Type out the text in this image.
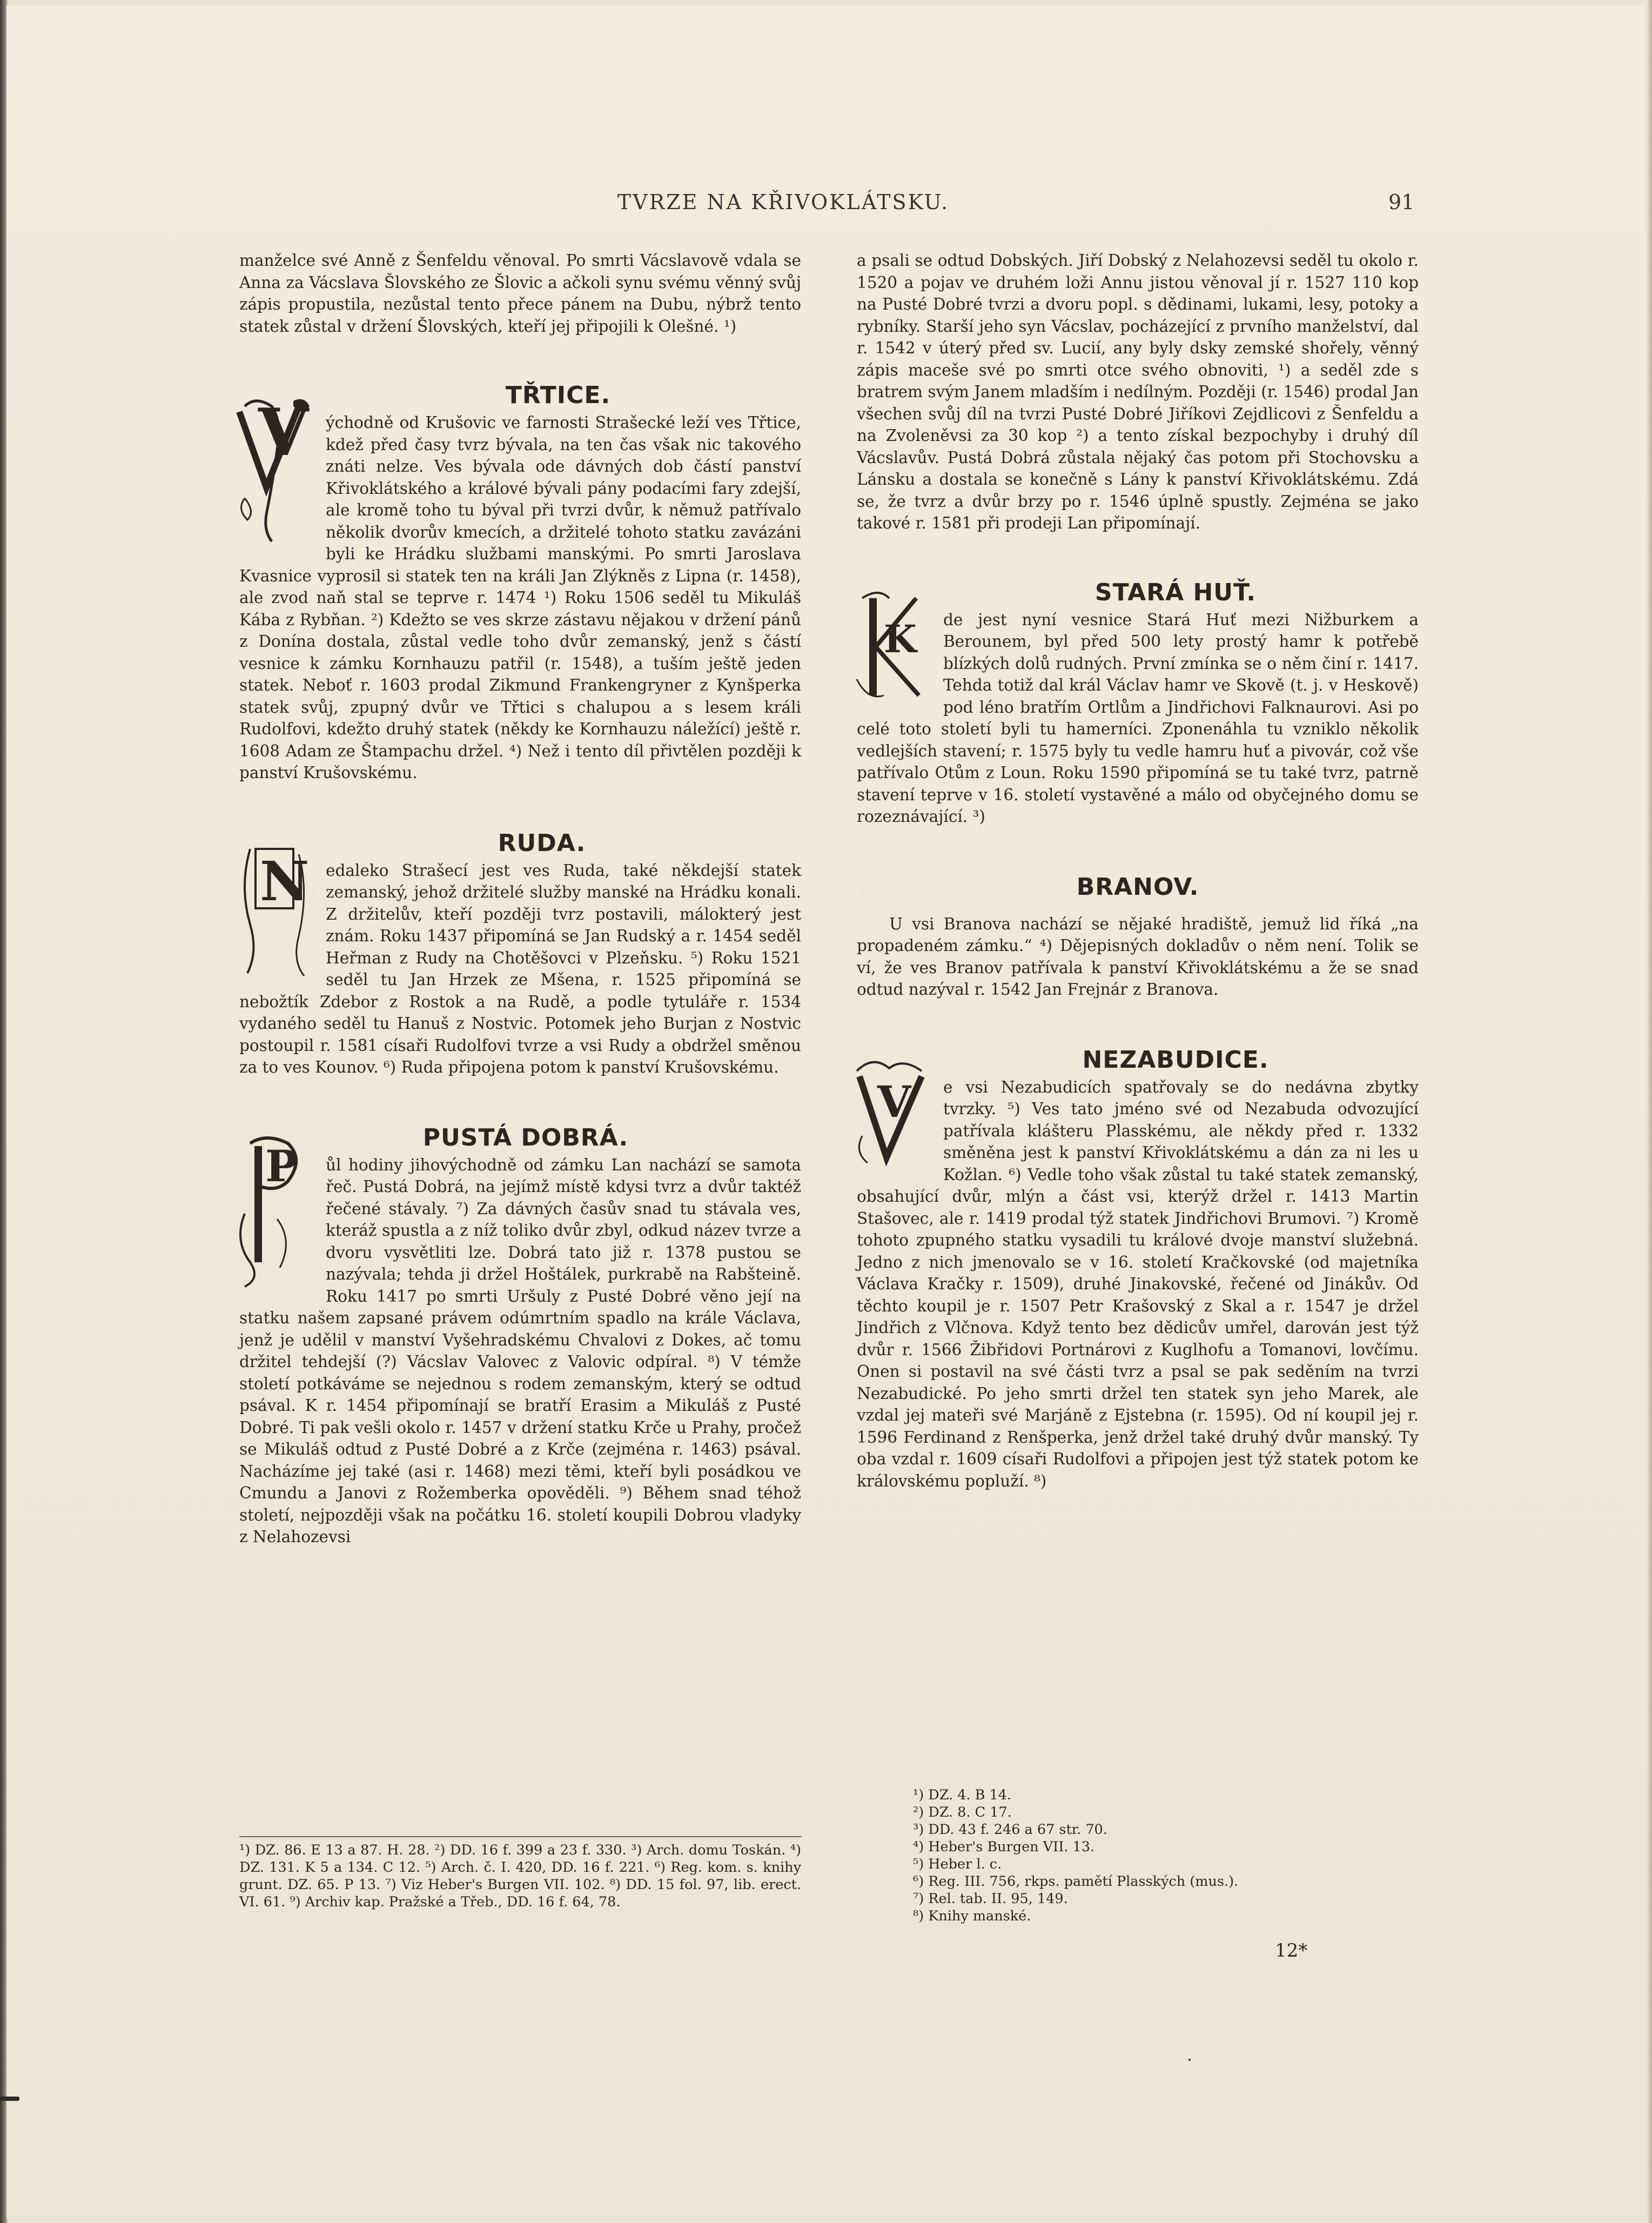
TVRZE NA KŘIVOKLÁTSKU.	91

manželce své Anně z Šenfeldu věnoval. Po smrti Vácslavově vdala se Anna za Vácslava Šlovského ze Šlovic a ačkoli synu svému věnný svůj zápis propustila, nezůstal tento přece pánem na Dubu, nýbrž tento statek zůstal v držení Šlovských, kteří jej připojili k Olešné. ¹)

TŘTICE.
V	ýchodně od Krušovic ve farnosti Strašecké leží ves Třtice, kdež před časy tvrz bývala, na ten čas však nic takového znáti nelze. Ves bývala ode dávných dob částí panství Křivoklátského a králové bývali pány podacími fary zdejší, ale kromě toho tu býval při tvrzi dvůr, k němuž patřívalo několik dvorův kmecích, a držitelé tohoto statku zavázáni byli ke Hrádku službami manskými. Po smrti Jaroslava Kvasnice vyprosil si statek ten na králi Jan Zlýkněs z Lipna (r. 1458), ale zvod naň stal se teprve r. 1474 ¹) Roku 1506 seděl tu Mikuláš Kába z Rybňan. ²) Kdežto se ves skrze zástavu nějakou v držení pánů z Donína dostala, zůstal vedle toho dvůr zemanský, jenž s částí vesnice k zámku Kornhauzu patřil (r. 1548), a tuším ještě jeden statek. Neboť r. 1603 prodal Zikmund Frankengryner z Kynšperka statek svůj, zpupný dvůr ve Třtici s chalupou a s lesem králi Rudolfovi, kdežto druhý statek (někdy ke Kornhauzu náležící) ještě r. 1608 Adam ze Štampachu držel. ⁴) Než i tento díl přivtělen později k panství Krušovskému.

RUDA.
N	edaleko Strašecí jest ves Ruda, také někdejší statek zemanský, jehož držitelé služby manské na Hrádku konali. Z držitelův, kteří později tvrz postavili, málokterý jest znám. Roku 1437 připomíná se Jan Rudský a r. 1454 seděl Heřman z Rudy na Chotěšovci v Plzeňsku. ⁵) Roku 1521 seděl tu Jan Hrzek ze Mšena, r. 1525 připomíná se nebožtík Zdebor z Rostok a na Rudě, a podle tytuláře r. 1534 vydaného seděl tu Hanuš z Nostvic. Potomek jeho Burjan z Nostvic postoupil r. 1581 císaři Rudolfovi tvrze a vsi Rudy a obdržel směnou za to ves Kounov. ⁶) Ruda připojena potom k panství Krušovskému.

PUSTÁ DOBRÁ.
P	ůl hodiny jihovýchodně od zámku Lan nachází se samota řeč. Pustá Dobrá, na jejímž místě kdysi tvrz a dvůr taktéž řečené stávaly. ⁷) Za dávných časův snad tu stávala ves, kteráž spustla a z níž toliko dvůr zbyl, odkud název tvrze a dvoru vysvětliti lze. Dobrá tato již r. 1378 pustou se nazývala; tehda ji držel Hoštálek, purkrabě na Rabšteině. Roku 1417 po smrti Uršuly z Pusté Dobré věno její na statku našem zapsané právem odúmrtním spadlo na krále Václava, jenž je udělil v manství Vyšehradskému Chvalovi z Dokes, ač tomu držitel tehdejší (?) Vácslav Valovec z Valovic odpíral. ⁸) V témže století potkáváme se nejednou s rodem zemanským, který se odtud psával. K r. 1454 připomínají se bratří Erasim a Mikuláš z Pusté Dobré. Ti pak vešli okolo r. 1457 v držení statku Krče u Prahy, pročež se Mikuláš odtud z Pusté Dobré a z Krče (zejména r. 1463) psával. Nacházíme jej také (asi r. 1468) mezi těmi, kteří byli posádkou ve Cmundu a Janovi z Rožemberka opověděli. ⁹) Během snad téhož století, nejpozději však na počátku 16. století koupili Dobrou vladyky z Nelahozevsi

¹) DZ. 86. E 13 a 87. H. 28. ²) DD. 16 f. 399 a 23 f. 330. ³) Arch. domu Toskán. ⁴) DZ. 131. K 5 a 134. C 12. ⁵) Arch. č. I. 420, DD. 16 f. 221. ⁶) Reg. kom. s. knihy grunt. DZ. 65. P 13. ⁷) Viz Heber's Burgen VII. 102. ⁸) DD. 15 fol. 97, lib. erect. VI. 61. ⁹) Archiv kap. Pražské a Třeb., DD. 16 f. 64, 78.

a psali se odtud Dobských. Jiří Dobský z Nelahozevsi seděl tu okolo r. 1520 a pojav ve druhém loži Annu jistou věnoval jí r. 1527 110 kop na Pusté Dobré tvrzi a dvoru popl. s dědinami, lukami, lesy, potoky a rybníky. Starší jeho syn Vácslav, pocházející z prvního manželství, dal r. 1542 v úterý před sv. Lucií, any byly dsky zemské shořely, věnný zápis maceše své po smrti otce svého obnoviti, ¹) a seděl zde s bratrem svým Janem mladším i nedílným. Později (r. 1546) prodal Jan všechen svůj díl na tvrzi Pusté Dobré Jiříkovi Zejdlicovi z Šenfeldu a na Zvoleněvsi za 30 kop ²) a tento získal bezpochyby i druhý díl Vácslavův. Pustá Dobrá zůstala nějaký čas potom při Stochovsku a Lánsku a dostala se konečně s Lány k panství Křivoklátskému. Zdá se, že tvrz a dvůr brzy po r. 1546 úplně spustly. Zejména se jako takové r. 1581 při prodeji Lan připomínají.

STARÁ HUŤ.
K	de jest nyní vesnice Stará Huť mezi Nižburkem a Berounem, byl před 500 lety prostý hamr k potřebě blízkých dolů rudných. První zmínka se o něm činí r. 1417. Tehda totiž dal král Václav hamr ve Skově (t. j. v Heskově) pod léno bratřím Ortlům a Jindřichovi Falknaurovi. Asi po celé toto století byli tu hamerníci. Zponenáhla tu vzniklo několik vedlejších stavení; r. 1575 byly tu vedle hamru huť a pivovár, což vše patřívalo Otům z Loun. Roku 1590 připomíná se tu také tvrz, patrně stavení teprve v 16. století vystavěné a málo od obyčejného domu se rozeznávající. ³)

BRANOV.

U vsi Branova nachází se nějaké hradiště, jemuž lid říká „na propadeném zámku.“ ⁴) Dějepisných dokladův o něm není. Tolik se ví, že ves Branov patřívala k panství Křivoklátskému a že se snad odtud nazýval r. 1542 Jan Frejnár z Branova.

NEZABUDICE.
V	e vsi Nezabudicích spatřovaly se do nedávna zbytky tvrzky. ⁵) Ves tato jméno své od Nezabuda odvozující patřívala klášteru Plasskému, ale někdy před r. 1332 směněna jest k panství Křivoklátskému a dán za ni les u Kožlan. ⁶) Vedle toho však zůstal tu také statek zemanský, obsahující dvůr, mlýn a část vsi, kterýž držel r. 1413 Martin Stašovec, ale r. 1419 prodal týž statek Jindřichovi Brumovi. ⁷) Kromě tohoto zpupného statku vysadili tu králové dvoje manství služebná. Jedno z nich jmenovalo se v 16. století Kračkovské (od majetníka Václava Kračky r. 1509), druhé Jinakovské, řečené od Jinákův. Od těchto koupil je r. 1507 Petr Krašovský z Skal a r. 1547 je držel Jindřich z Vlčnova. Když tento bez dědicův umřel, darován jest týž dvůr r. 1566 Žibřidovi Portnárovi z Kuglhofu a Tomanovi, lovčímu. Onen si postavil na své části tvrz a psal se pak seděním na tvrzi Nezabudické. Po jeho smrti držel ten statek syn jeho Marek, ale vzdal jej mateři své Marjáně z Ejstebna (r. 1595). Od ní koupil jej r. 1596 Ferdinand z Renšperka, jenž držel také druhý dvůr manský. Ty oba vzdal r. 1609 císaři Rudolfovi a připojen jest týž statek potom ke královskému popluží. ⁸)

¹) DZ. 4. B 14.
²) DZ. 8. C 17.
³) DD. 43 f. 246 a 67 str. 70.
⁴) Heber's Burgen VII. 13.
⁵) Heber l. c.
⁶) Reg. III. 756, rkps. pamětí Plasských (mus.).
⁷) Rel. tab. II. 95, 149.
⁸) Knihy manské.
12*
